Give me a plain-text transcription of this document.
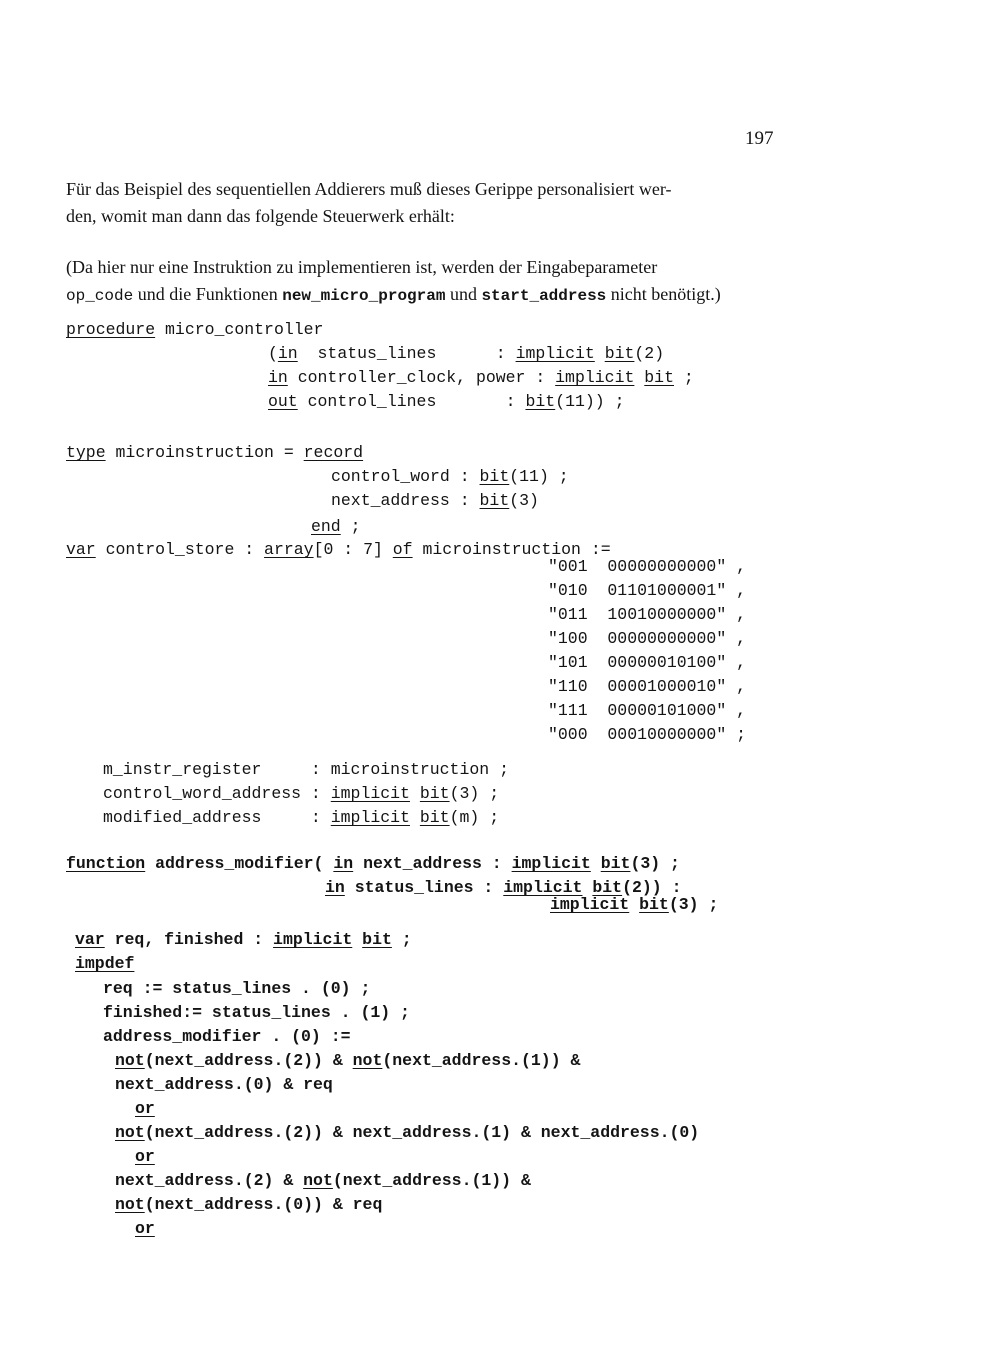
197
Für das Beispiel des sequentiellen Addierers muß dieses Gerippe personalisiert wer-
den, womit man dann das folgende Steuerwerk erhält:
(Da hier nur eine Instruktion zu implementieren ist, werden der Eingabeparameter
op_code und die Funktionen new_micro_program und start_address nicht benötigt.)
procedure micro_controller
(in  status_lines      : implicit bit(2)
in controller_clock, power : implicit bit ;
out control_lines       : bit(11)) ;
type microinstruction = record
control_word : bit(11) ;
next_address : bit(3)
end ;
var control_store : array[0 : 7] of microinstruction :=
"001  00000000000" ,
"010  01101000001" ,
"011  10010000000" ,
"100  00000000000" ,
"101  00000010100" ,
"110  00001000010" ,
"111  00000101000" ,
"000  00010000000" ;
m_instr_register     : microinstruction ;
control_word_address : implicit bit(3) ;
modified_address     : implicit bit(m) ;
function address_modifier( in next_address : implicit bit(3) ;
in status_lines : implicit bit(2)) :
implicit bit(3) ;
var req, finished : implicit bit ;
impdef
req := status_lines . (0) ;
finished:= status_lines . (1) ;
address_modifier . (0) :=
not(next_address.(2)) & not(next_address.(1)) &
next_address.(0) & req
or
not(next_address.(2)) & next_address.(1) & next_address.(0)
or
next_address.(2) & not(next_address.(1)) &
not(next_address.(0)) & req
or
